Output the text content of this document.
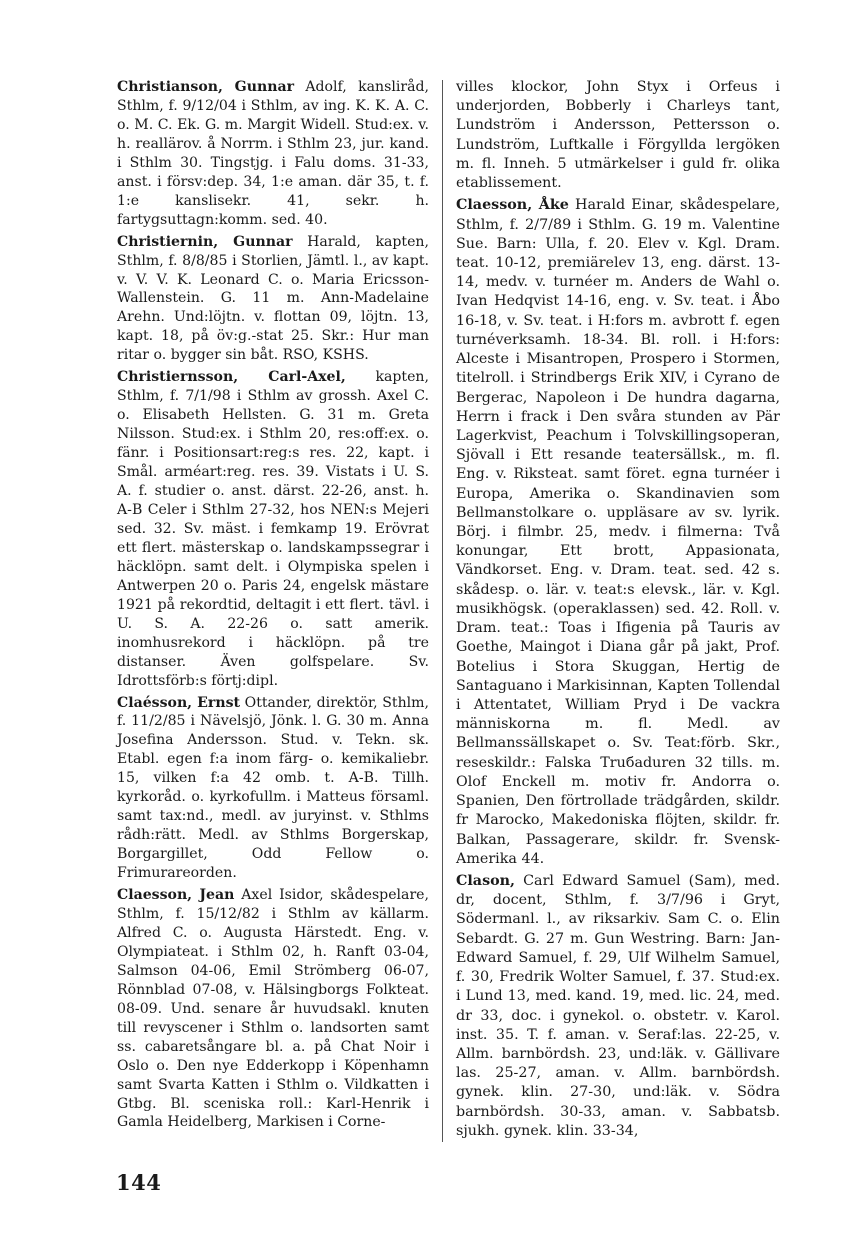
Christianson, Gunnar Adolf, kanslіråd, Sthlm, f. 9/12/04 i Sthlm, av ing. K. K. A. C. o. M. C. Ek. G. m. Margit Widell. Stud:ex. v. h. reallärov. å Norrm. i Sthlm 23, jur. kand. i Sthlm 30. Tingstjg. i Falu doms. 31-33, anst. i försv:dep. 34, 1:e aman. där 35, t. f. 1:e kanslisekr. 41, sekr. h. fartygsuttagn:komm. sed. 40.

Christiernin, Gunnar Harald, kapten, Sthlm, f. 8/8/85 i Storlien, Jämtl. l., av kapt. v. V. V. K. Leonard C. o. Maria Ericsson-Wallenstein. G. 11 m. Ann-Madelaine Arehn. Und:löjtn. v. flottan 09, löjtn. 13, kapt. 18, på öv:g.-stat 25. Skr.: Hur man ritar o. bygger sin båt. RSO, KSHS.

Christiernsson, Carl-Axel, kapten, Sthlm, f. 7/1/98 i Sthlm av grossh. Axel C. o. Elisabeth Hellsten. G. 31 m. Greta Nilsson. Stud:ex. i Sthlm 20, res:off:ex. o. fänr. i Positionsart:reg:s res. 22, kapt. i Smål. arméart:reg. res. 39. Vistats i U. S. A. f. studier o. anst. därst. 22-26, anst. h. A-B Celer i Sthlm 27-32, hos NEN:s Mejeri sed. 32. Sv. mäst. i femkamp 19. Erövrat ett flert. mästerskap o. landskampssegrar i häcklöpn. samt delt. i Olympiska spelen i Antwerpen 20 o. Paris 24, engelsk mästare 1921 på rekordtid, deltagit i ett flert. tävl. i U. S. A. 22-26 o. satt amerik. inomhusrekord i häcklöpn. på tre distanser. Även golfspelare. Sv. Idrottsförb:s förtj:dipl.

Claésson, Ernst Ottander, direktör, Sthlm, f. 11/2/85 i Nävelsjö, Jönk. l. G. 30 m. Anna Josefina Andersson. Stud. v. Tekn. sk. Etabl. egen f:a inom färg- o. kemikaliebr. 15, vilken f:a 42 omb. t. A-B. Tillh. kyrkoråd. o. kyrkofullm. i Matteus församl. samt tax:nd., medl. av juryinst. v. Sthlms rådh:rätt. Medl. av Sthlms Borgerskap, Borgargillet, Odd Fellow o. Frimurareorden.

Claesson, Jean Axel Isidor, skådespelare, Sthlm, f. 15/12/82 i Sthlm av källarm. Alfred C. o. Augusta Härstedt. Eng. v. Olympiateat. i Sthlm 02, h. Ranft 03-04, Salmson 04-06, Emil Strömberg 06-07, Rönnblad 07-08, v. Hälsingborgs Folkteat. 08-09. Und. senare år huvudsakl. knuten till revyscener i Sthlm o. landsorten samt ss. cabaretsångare bl. a. på Chat Noir i Oslo o. Den nye Edderkopp i Köpenhamn samt Svarta Katten i Sthlm o. Vildkatten i Gtbg. Bl. sceniska roll.: Karl-Henrik i Gamla Heidelberg, Markisen i Corne-

villes klockor, John Styx i Orfeus i underjorden, Bobberly i Charleys tant, Lundström i Andersson, Pettersson o. Lundström, Luftkalle i Förgyllda lergöken m. fl. Inneh. 5 utmärkelser i guld fr. olika etablissement.

Claesson, Åke Harald Einar, skådespelare, Sthlm, f. 2/7/89 i Sthlm. G. 19 m. Valentine Sue. Barn: Ulla, f. 20. Elev v. Kgl. Dram. teat. 10-12, premiärelev 13, eng. därst. 13-14, medv. v. turnéer m. Anders de Wahl o. Ivan Hedqvist 14-16, eng. v. Sv. teat. i Åbo 16-18, v. Sv. teat. i H:fors m. avbrott f. egen turnéverksamh. 18-34. Bl. roll. i H:fors: Alceste i Misantropen, Prospero i Stormen, titelroll. i Strindbergs Erik XIV, i Cyrano de Bergerac, Napoleon i De hundra dagarna, Herrn i frack i Den svåra stunden av Pär Lagerkvist, Peachum i Tolvskillingsoperan, Sjövall i Ett resande teatersällsk., m. fl. Eng. v. Riksteat. samt föret. egna turnéer i Europa, Amerika o. Skandinavien som Bellmanstolkare o. uppläsare av sv. lyrik. Börj. i filmbr. 25, medv. i filmerna: Två konungar, Ett brott, Appasionata, Vändkorset. Eng. v. Dram. teat. sed. 42 s. skådesp. o. lär. v. teat:s elevsk., lär. v. Kgl. musikhögsk. (operaklassen) sed. 42. Roll. v. Dram. teat.: Toas i Ifigenia på Tauris av Goethe, Maingot i Diana går på jakt, Prof. Botelius i Stora Skuggan, Hertig de Santaguano i Markisinnan, Kapten Tollendal i Attentatet, William Pryd i De vackra människorna m. fl. Medl. av Bellmanssällskapet o. Sv. Teat:förb. Skr., reseskildr.: Falska Truбaduren 32 tills. m. Olof Enckell m. motiv fr. Andorra o. Spanien, Den förtrollade trädgården, skildr. fr Marocko, Makedoniska flöjten, skildr. fr. Balkan, Passagerare, skildr. fr. Svensk-Amerika 44.

Clason, Carl Edward Samuel (Sam), med. dr, docent, Sthlm, f. 3/7/96 i Gryt, Södermanl. l., av riksarkiv. Sam C. o. Elin Sebardt. G. 27 m. Gun Westring. Barn: Jan-Edward Samuel, f. 29, Ulf Wilhelm Samuel, f. 30, Fredrik Wolter Samuel, f. 37. Stud:ex. i Lund 13, med. kand. 19, med. lic. 24, med. dr 33, doc. i gynekol. o. obstetr. v. Karol. inst. 35. T. f. aman. v. Seraf:las. 22-25, v. Allm. barnbördsh. 23, und:läk. v. Gällivare las. 25-27, aman. v. Allm. barnbördsh. gynek. klin. 27-30, und:läk. v. Södra barnbördsh. 30-33, aman. v. Sabbatsb. sjukh. gynek. klin. 33-34,

144
